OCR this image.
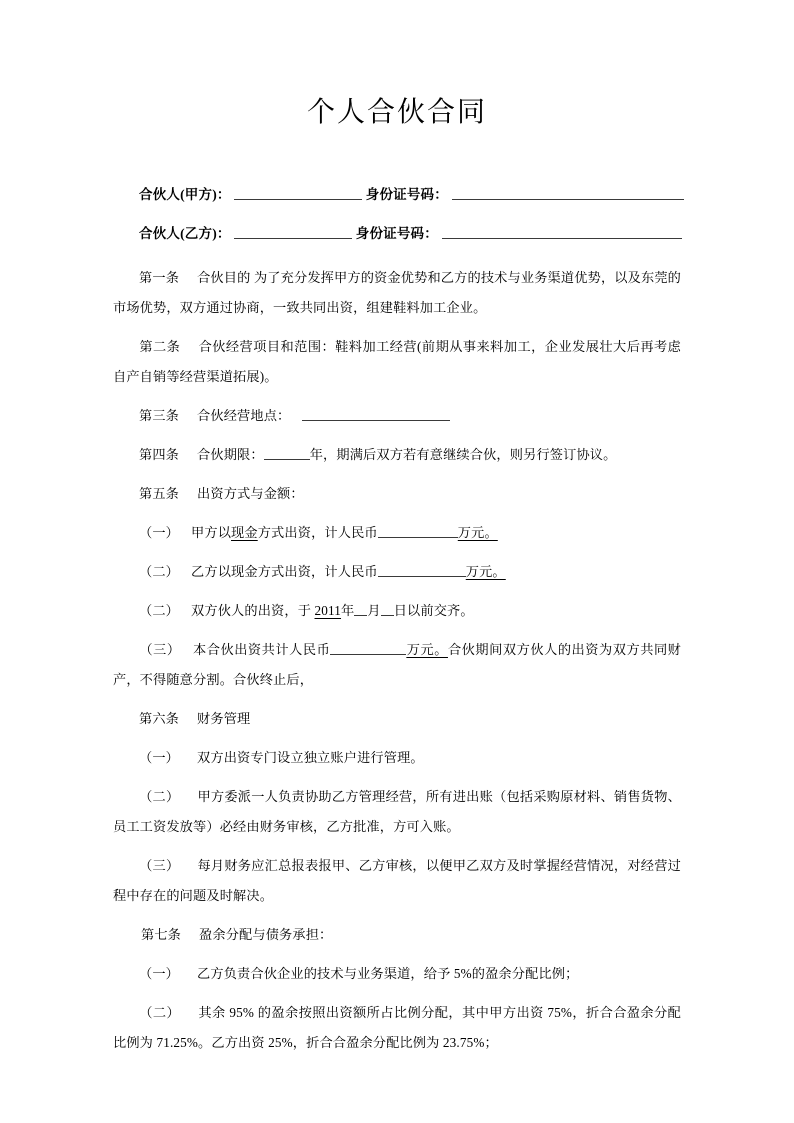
个人合伙合同
合伙人(甲方)：	身份证号码：
合伙人(乙方)：	身份证号码：

第一条 合伙目的 为了充分发挥甲方的资金优势和乙方的技术与业务渠道优势，以及东莞的市场优势，双方通过协商，一致共同出资，组建鞋料加工企业。

第二条 合伙经营项目和范围：鞋料加工经营(前期从事来料加工，企业发展壮大后再考虑自产自销等经营渠道拓展)。

第三条 合伙经营地点：

第四条 合伙期限：	年，期满后双方若有意继续合伙，则另行签订协议。

第五条 出资方式与金额：

（一） 甲方以现金方式出资，计人民币	万元。

（二） 乙方以现金方式出资，计人民币	万元。

（二） 双方伙人的出资，于 2011年 月 日以前交齐。

（三） 本合伙出资共计人民币	万元。合伙期间双方伙人的出资为双方共同财产，不得随意分割。合伙终止后，

第六条 财务管理

（一） 双方出资专门设立独立账户进行管理。

（二） 甲方委派一人负责协助乙方管理经营，所有进出账（包括采购原材料、销售货物、员工工资发放等）必经由财务审核，乙方批准，方可入账。

（三） 每月财务应汇总报表报甲、乙方审核，以便甲乙双方及时掌握经营情况，对经营过程中存在的问题及时解决。

第七条 盈余分配与债务承担：

（一） 乙方负责合伙企业的技术与业务渠道，给予 5%的盈余分配比例；

（二） 其余 95% 的盈余按照出资额所占比例分配，其中甲方出资 75%，折合合盈余分配比例为 71.25%。乙方出资 25%，折合合盈余分配比例为 23.75%；
